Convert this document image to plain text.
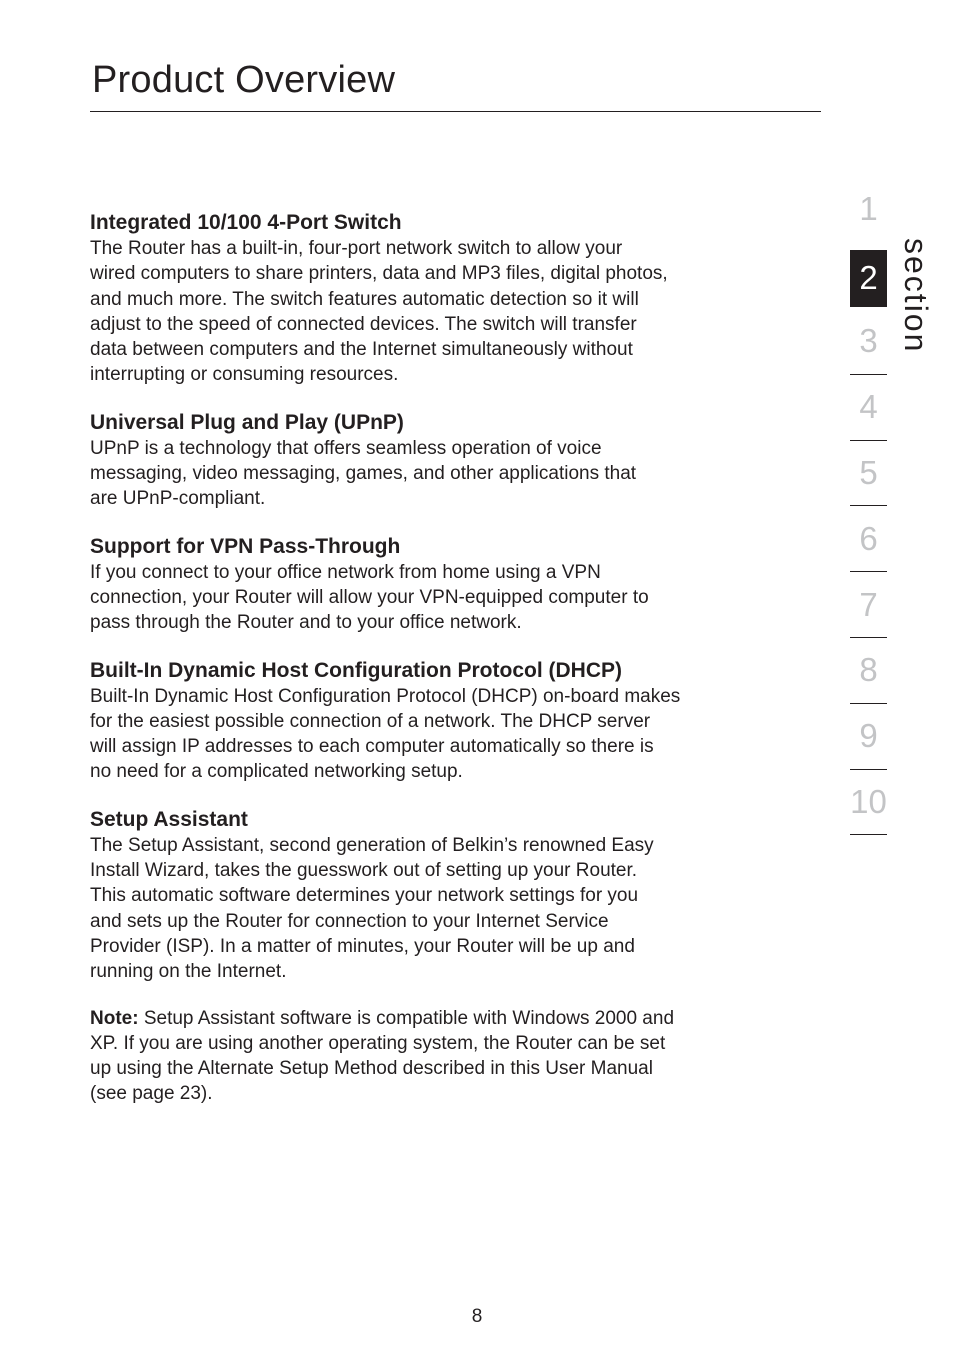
Product Overview
Integrated 10/100 4-Port Switch

The Router has a built-in, four-port network switch to allow your
wired computers to share printers, data and MP3 files, digital photos,
and much more. The switch features automatic detection so it will
adjust to the speed of connected devices. The switch will transfer
data between computers and the Internet simultaneously without
interrupting or consuming resources.

Universal Plug and Play (UPnP)

UPnP is a technology that offers seamless operation of voice
messaging, video messaging, games, and other applications that
are UPnP-compliant.

Support for VPN Pass-Through

If you connect to your office network from home using a VPN
connection, your Router will allow your VPN-equipped computer to
pass through the Router and to your office network.

Built-In Dynamic Host Configuration Protocol (DHCP)

Built-In Dynamic Host Configuration Protocol (DHCP) on-board makes
for the easiest possible connection of a network. The DHCP server
will assign IP addresses to each computer automatically so there is
no need for a complicated networking setup.

Setup Assistant

The Setup Assistant, second generation of Belkin’s renowned Easy
Install Wizard, takes the guesswork out of setting up your Router.
This automatic software determines your network settings for you
and sets up the Router for connection to your Internet Service
Provider (ISP). In a matter of minutes, your Router will be up and
running on the Internet.

Note: Setup Assistant software is compatible with Windows 2000 and
XP. If you are using another operating system, the Router can be set
up using the Alternate Setup Method described in this User Manual
(see page 23).

1
2
3
4
5
6
7
8
9
10

section

8
